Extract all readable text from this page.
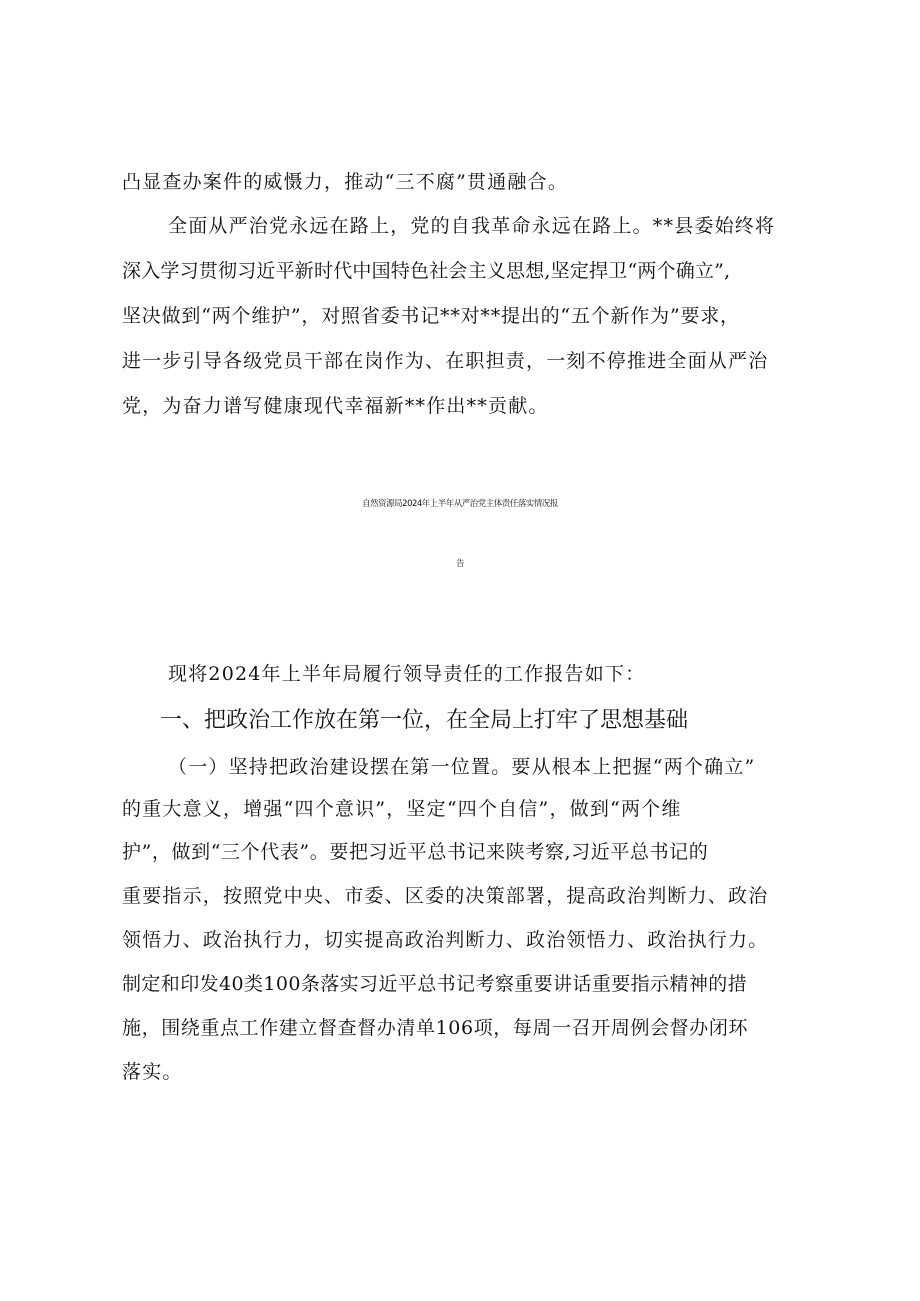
凸显查办案件的威慑力，推动“三不腐”贯通融合。
全面从严治党永远在路上，党的自我革命永远在路上。**县委始终将
深入学习贯彻习近平新时代中国特色社会主义思想,坚定捍卫“两个确立”,
坚决做到“两个维护”，对照省委书记**对**提出的“五个新作为”要求，
进一步引导各级党员干部在岗作为、在职担责，一刻不停推进全面从严治
党，为奋力谱写健康现代幸福新**作出**贡献。
自然资源局2024年上半年从严治党主体责任落实情况报
告
现将2024年上半年局履行领导责任的工作报告如下：
一、把政治工作放在第一位，在全局上打牢了思想基础
（一）坚持把政治建设摆在第一位置。要从根本上把握“两个确立”
的重大意义，增强“四个意识”，坚定“四个自信”，做到“两个维
护”，做到“三个代表”。要把习近平总书记来陕考察,习近平总书记的
重要指示，按照党中央、市委、区委的决策部署，提高政治判断力、政治
领悟力、政治执行力，切实提高政治判断力、政治领悟力、政治执行力。
制定和印发40类100条落实习近平总书记考察重要讲话重要指示精神的措
施，围绕重点工作建立督查督办清单106项，每周一召开周例会督办闭环
落实。
